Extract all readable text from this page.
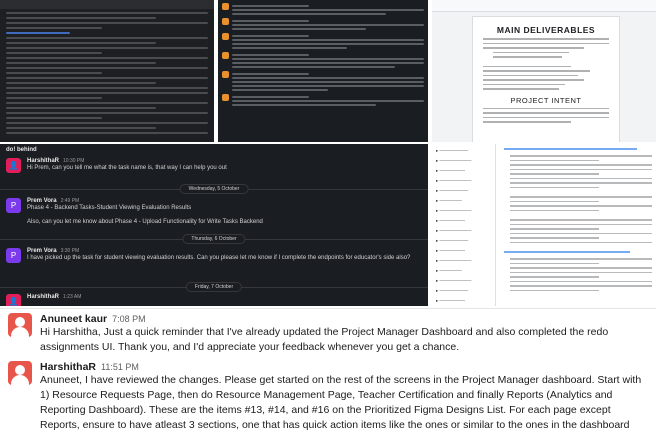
MAIN DELIVERABLES
PROJECT INTENT
do! behind
👤 HarshithaR 10:30 PM
Hi Prem, can you tell me what the task name is, that way I can help you out
Wednesday, 5 October
P	Prem Vora 2:49 PM
Phase 4 - Backend Tasks-Student Viewing Evaluation Results
Also, can you let me know about Phase 4 - Upload Functionality for Write Tasks Backend
Thursday, 6 October
P	Prem Vora 3:30 PM
I have picked up the task for student viewing evaluation results. Can you please let me know if I complete the endpoints for educator's side also?
Friday, 7 October
👤 HarshithaR 1:23 AM
▸ ─────────
▸ ──────────
▸ ────────
▸ ──────────
▸ ─────────
▸ ───────
▸ ──────────
▸ ────────
▸ ──────────
▸ ─────────
▸ ────────
▸ ──────────
▸ ───────
▸ ──────────
▸ ─────────
▸ ────────
Anuneet kaur 7:08 PM
Hi Harshitha, Just a quick reminder that I've already updated the Project Manager Dashboard and also completed the redo assignments UI. Thank you, and I'd appreciate your feedback whenever you get a chance.
HarshithaR 11:51 PM
Anuneet, I have reviewed the changes. Please get started on the rest of the screens in the Project Manager dashboard. Start with 1) Resource Requests Page, then do Resource Management Page, Teacher Certification and finally Reports (Analytics and Reporting Dashboard). These are the items #13, #14, and #16 on the Prioritized Figma Designs List. For each page except Reports, ensure to have atleast 3 sections, one that has quick action items like the ones or similar to the ones in the dashboard
